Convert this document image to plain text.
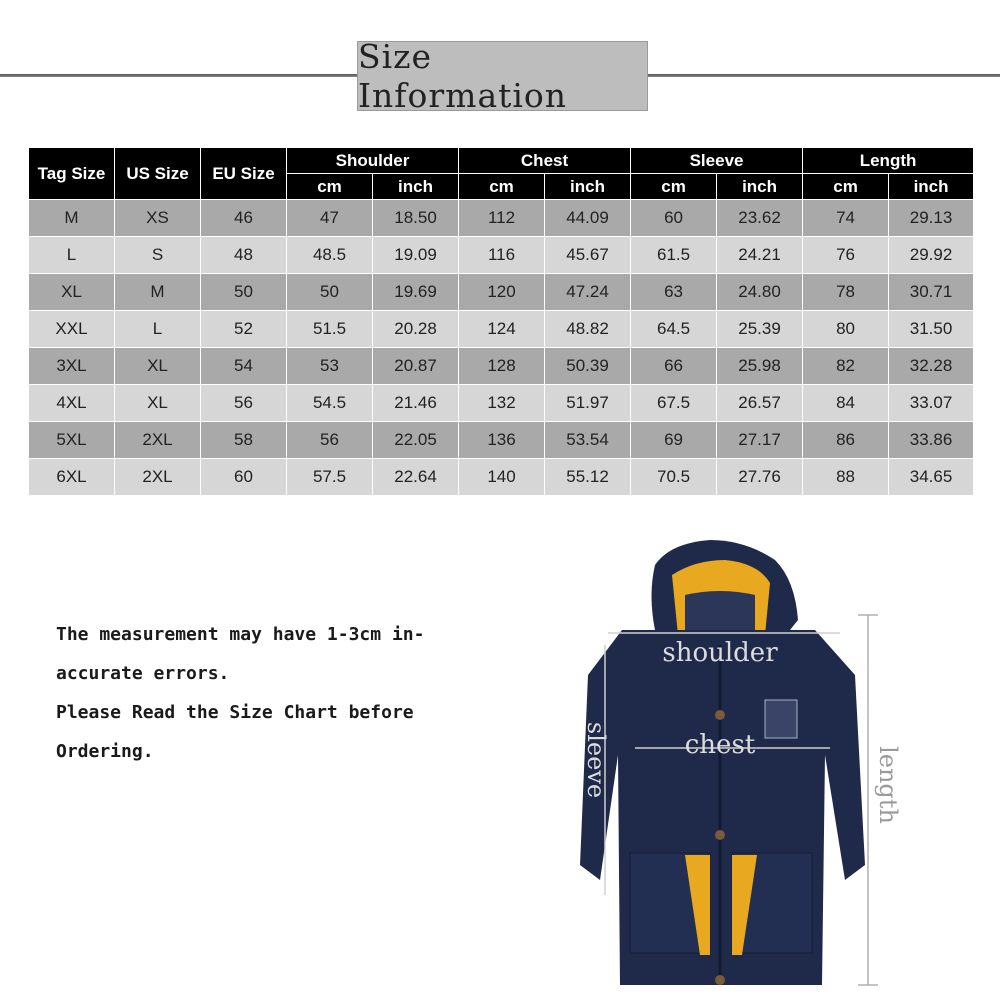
Size Information
Tag Size	US Size	EU Size	Shoulder		Chest		Sleeve		Length	
			cm	inch	cm	inch	cm	inch	cm	inch
M	XS	46	47	18.50	112	44.09	60	23.62	74	29.13
L	S	48	48.5	19.09	116	45.67	61.5	24.21	76	29.92
XL	M	50	50	19.69	120	47.24	63	24.80	78	30.71
XXL	L	52	51.5	20.28	124	48.82	64.5	25.39	80	31.50
3XL	XL	54	53	20.87	128	50.39	66	25.98	82	32.28
4XL	XL	56	54.5	21.46	132	51.97	67.5	26.57	84	33.07
5XL	2XL	58	56	22.05	136	53.54	69	27.17	86	33.86
6XL	2XL	60	57.5	22.64	140	55.12	70.5	27.76	88	34.65
The measurement may have 1-3cm in-
accurate errors.
Please Read the Size Chart before
Ordering.
shoulder
chest
sleeve	length
